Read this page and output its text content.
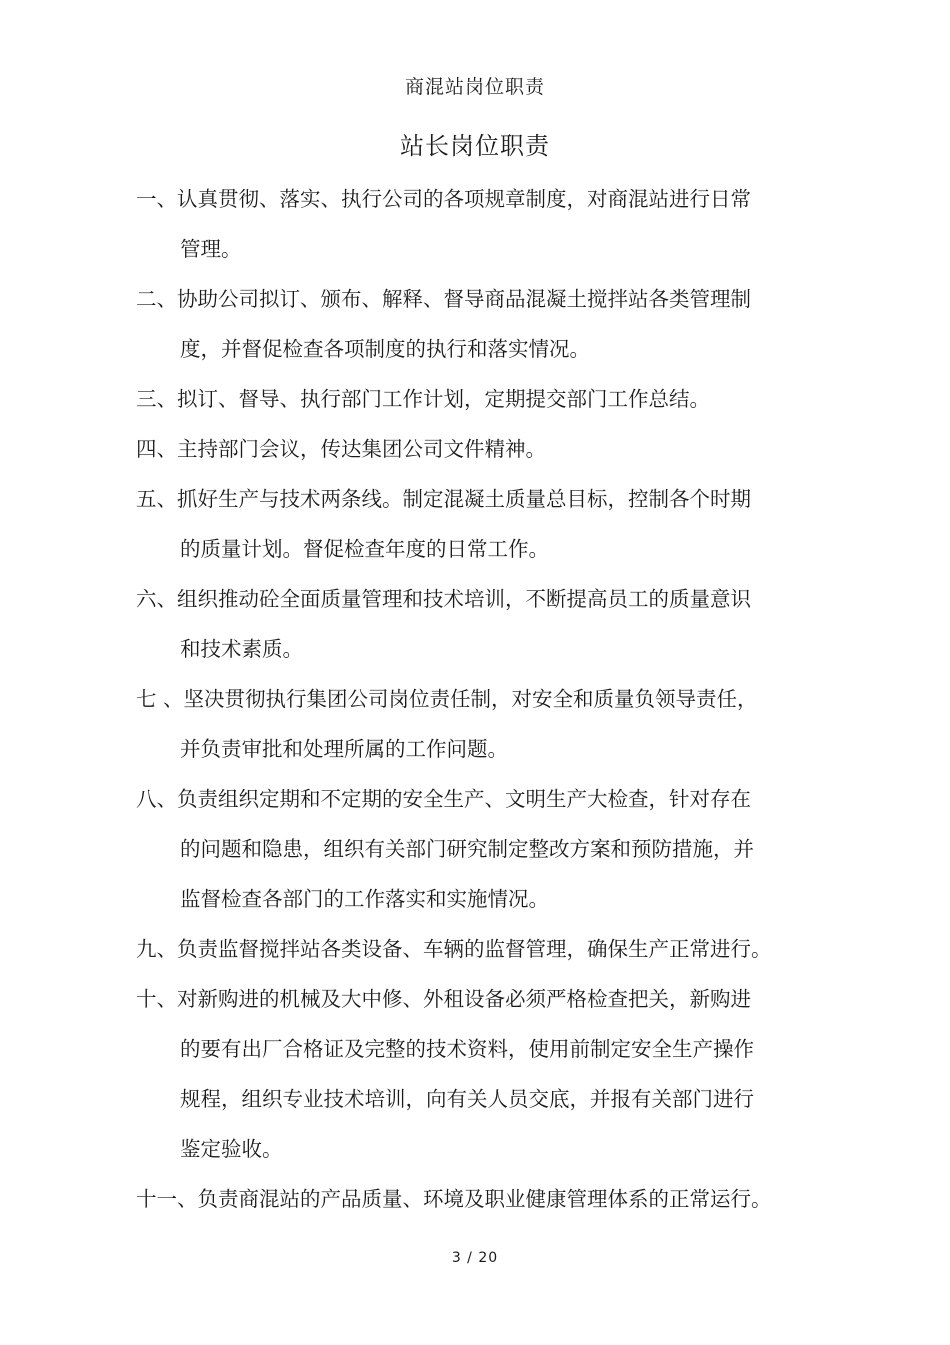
商混站岗位职责
站长岗位职责
一、认真贯彻、落实、执行公司的各项规章制度，对商混站进行日常
管理。
二、协助公司拟订、颁布、解释、督导商品混凝土搅拌站各类管理制
度，并督促检查各项制度的执行和落实情况。
三、拟订、督导、执行部门工作计划，定期提交部门工作总结。
四、主持部门会议，传达集团公司文件精神。
五、抓好生产与技术两条线。制定混凝土质量总目标，控制各个时期
的质量计划。督促检查年度的日常工作。
六、组织推动砼全面质量管理和技术培训，不断提高员工的质量意识
和技术素质。
七 、坚决贯彻执行集团公司岗位责任制，对安全和质量负领导责任，
并负责审批和处理所属的工作问题。
八、负责组织定期和不定期的安全生产、文明生产大检查，针对存在
的问题和隐患，组织有关部门研究制定整改方案和预防措施，并
监督检查各部门的工作落实和实施情况。
九、负责监督搅拌站各类设备、车辆的监督管理，确保生产正常进行。
十、对新购进的机械及大中修、外租设备必须严格检查把关，新购进
的要有出厂合格证及完整的技术资料，使用前制定安全生产操作
规程，组织专业技术培训，向有关人员交底，并报有关部门进行
鉴定验收。
十一、负责商混站的产品质量、环境及职业健康管理体系的正常运行。
3 / 20
